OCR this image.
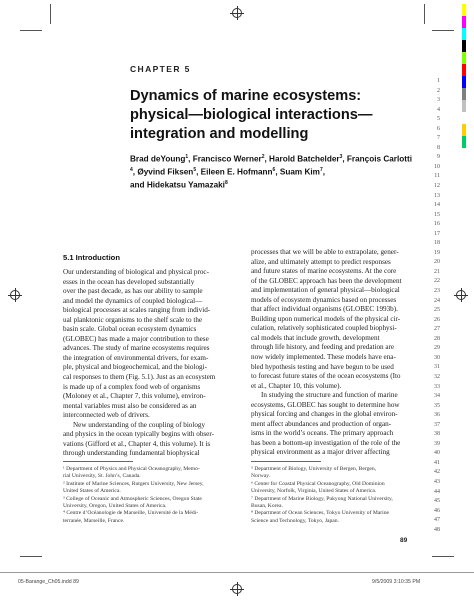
CHAPTER 5
Dynamics of marine ecosystems:
physical—biological interactions—
integration and modelling
Brad deYoung$^1$, Francisco Werner$^2$, Harold Batchelder$^3$, François Carlotti
$^4$, Øyvind Fiksen$^5$, Eileen E. Hofmann$^6$, Suam Kim$^7$,
and Hidekatsu Yamazaki$^8$
1
2
3
4
5
6
7
8
9
10
11
12
13
14
15
16
17
18
19
20
21
22
23
24
25
26
27
28
29
30
31
32
33
34
35
36
37
38
39
40
41
42
43
44
45
46
47
48
5.1 Introduction
Our understanding of biological and physical proc-
esses in the ocean has developed substantially
over the past decade, as has our ability to sample
and model the dynamics of coupled biological—
biological processes at scales ranging from individ-
ual planktonic organisms to the shelf scale to the
basin scale. Global ocean ecosystem dynamics
(GLOBEC) has made a major contribution to these
advances. The study of marine ecosystems requires
the integration of environmental drivers, for exam-
ple, physical and biogeochemical, and the biologi-
cal responses to them (Fig. 5.1). Just as an ecosystem
is made up of a complex food web of organisms
(Moloney et al., Chapter 7, this volume), environ-
mental variables must also be considered as an
interconnected web of drivers.
New understanding of the coupling of biology
and physics in the ocean typically begins with obser-
vations (Gifford et al., Chapter 4, this volume). It is
through understanding fundamental biophysical
processes that we will be able to extrapolate, gener-
alize, and ultimately attempt to predict responses
and future states of marine ecosystems. At the core
of the GLOBEC approach has been the development
and implementation of general physical—biological
models of ecosystem dynamics based on processes
that affect individual organisms (GLOBEC 1993b).
Building upon numerical models of the physical cir-
culation, relatively sophisticated coupled biophysi-
cal models that include growth, development
through life history, and feeding and predation are
now widely implemented. These models have ena-
bled hypothesis testing and have begun to be used
to forecast future states of the ocean ecosystems (Ito
et al., Chapter 10, this volume).
In studying the structure and function of marine
ecosystems, GLOBEC has sought to determine how
physical forcing and changes in the global environ-
ment affect abundances and production of organ-
isms in the world’s oceans. The primary approach
has been a bottom-up investigation of the role of the
physical environment as a major driver affecting
¹ Department of Physics and Physical Oceanography, Memo-
rial University, St. John’s, Canada.
² Institute of Marine Sciences, Rutgers University, New Jersey,
United States of America.
³ College of Oceanic and Atmospheric Sciences, Oregon State
University, Oregon, United States of America.
⁴ Centre d’Océanologie de Marseille, Université de la Médi-
terranée, Marseille, France.
⁵ Department of Biology, University of Bergen, Bergen,
Norway.
⁶ Center for Coastal Physical Oceanography, Old Dominion
University, Norfolk, Virginia, United States of America.
⁷ Department of Marine Biology, Pukyong National University,
Busan, Korea.
⁸ Department of Ocean Sciences, Tokyo University of Marine
Science and Technology, Tokyo, Japan.
89
05-Barange_Ch05.indd 89	9/5/2009 3:10:35 PM
